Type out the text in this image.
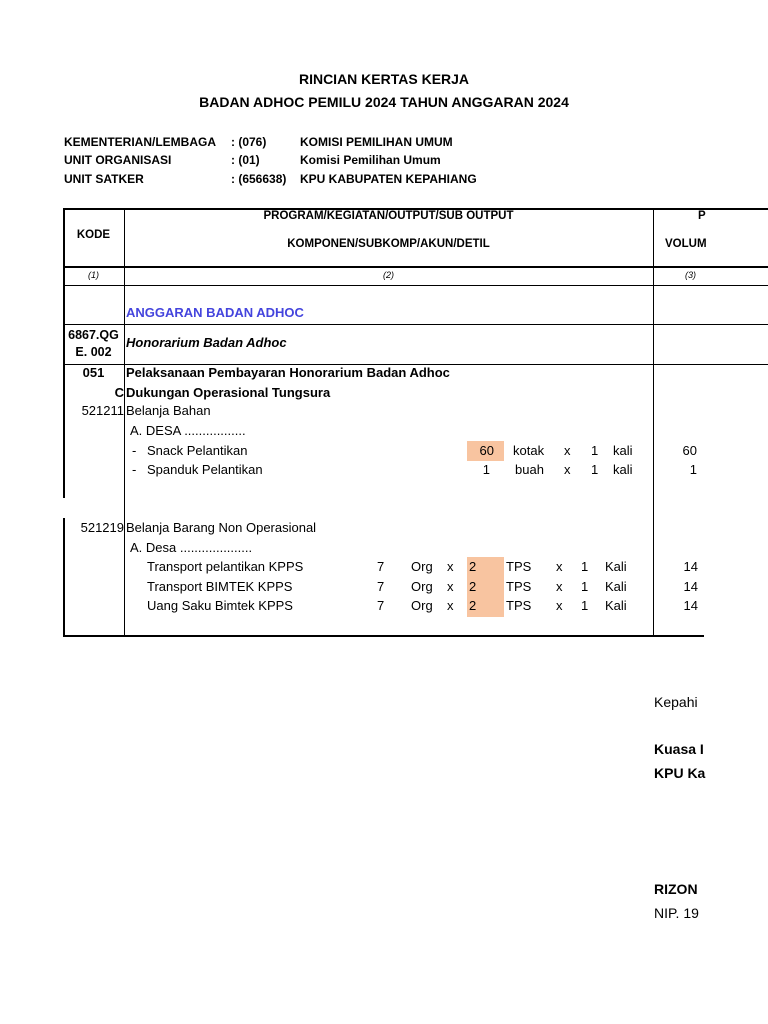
RINCIAN KERTAS KERJA
BADAN ADHOC PEMILU 2024 TAHUN ANGGARAN 2024
KEMENTERIAN/LEMBAGA : (076)	KOMISI PEMILIHAN UMUM
UNIT ORGANISASI	: (01)	Komisi Pemilihan Umum
UNIT SATKER	: (656638) KPU KABUPATEN KEPAHIANG
KODE
PROGRAM/KEGIATAN/OUTPUT/SUB OUTPUT
KOMPONEN/SUBKOMP/AKUN/DETIL
P
VOLUM
(1)	(2)	(3)
ANGGARAN BADAN ADHOC
6867.QG
E. 002
Honorarium Badan Adhoc
051	Pelaksanaan Pembayaran Honorarium Badan Adhoc
C Dukungan Operasional Tungsura
521211 Belanja Bahan
A. DESA .................
- Snack Pelantikan	60 kotak x 1 kali	60
- Spanduk Pelantikan	1 buah x 1 kali	1
521219 Belanja Barang Non Operasional
A. Desa ....................
Transport pelantikan KPPS	7 Org x 2 TPS x 1 Kali	14
Transport BIMTEK KPPS	7 Org x 2 TPS x 1 Kali	14
Uang Saku Bimtek KPPS	7 Org x 2 TPS x 1 Kali	14
Kepahi
Kuasa I
KPU Ka
RIZON
NIP. 19
